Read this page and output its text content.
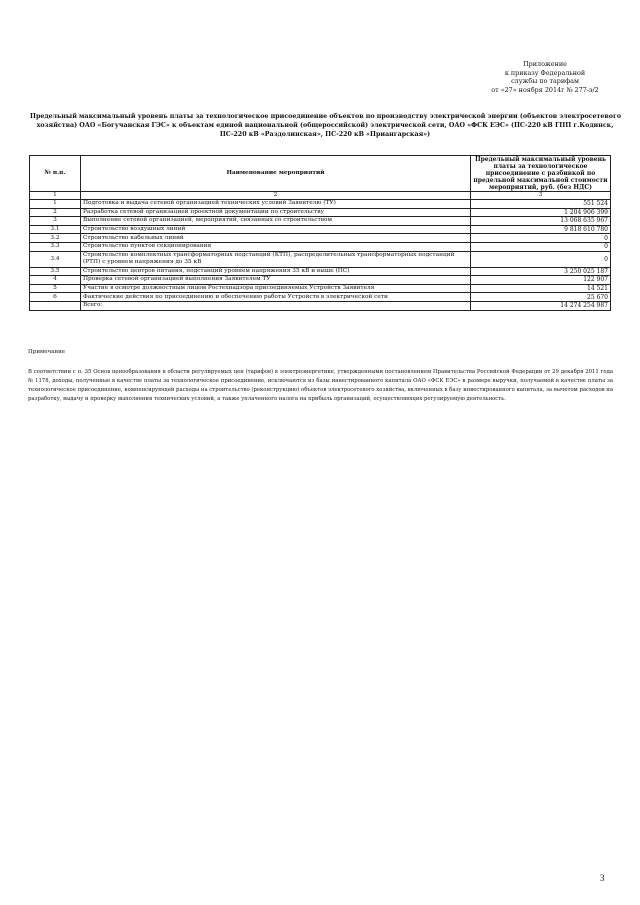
Приложение
к приказу Федеральной
службы по тарифам
от «27» ноября 2014г № 277-э/2
Предельный максимальный уровень платы за технологическое присоединение объектов по производству электрической энергии (объектов электросетевого
хозяйства) ОАО «Богучанская ГЭС» к объектам единой национальной (общероссийской) электрической сети, ОАО «ФСК ЕЭС» (ПС-220 кВ ГПП г.Кодинск,
ПС-220 кВ «Раздолинская», ПС-220 кВ «Приангарская»)
№ п.п.	Наименование мероприятий	Предельный максимальный уровень платы за технологическое присоединение с разбивкой по предельной максимальной стоимости мероприятий, руб. (без НДС)
1	2	3
1	Подготовка и выдача сетевой организацией технических условий Заявителю (ТУ)	551 524
2	Разработка сетевой организацией проектной документации по строительству	1 204 906 399
3	Выполнение сетевой организацией, мероприятий, связанных со строительством	13 068 635 967
3.1	Строительство воздушных линий	9 818 610 780
3.2	Строительство кабельных линий	0
3.3	Строительство пунктов секционирования	0
3.4	Строительство комплектных трансформаторных подстанций (КТП), распределительных трансформаторных подстанций (РТП) с уровнем напряжения до 35 кВ	0
3.5	Строительство центров питания, подстанций уровнем напряжения 35 кВ и выше (ПС)	3 250 025 187
4	Проверка сетевой организацией выполнения Заявителем ТУ	122 907
5	Участие в осмотре должностным лицом Ростехнадзора присоединяемых Устройств Заявителя	14 521
6	Фактические действия по присоединению и обеспечению работы Устройств в электрической сети	25 670
	Всего:	14 274 254 987
Примечание
В соответствии с п. 35 Основ ценообразования в области регулируемых цен (тарифов) в электроэнергетике, утвержденными постановлением Правительства Российской Федерации от 29 декабря 2011 года № 1178, доходы, полученные в качестве платы за технологическое присоединение, исключаются из базы инвестированного капитала ОАО «ФСК ЕЭС» в размере выручки, получаемой в качестве платы за технологическое присоединение, компенсирующей расходы на строительство (реконструкцию) объектов электросетевого хозяйства, включенных в базу инвестированного капитала, за вычетом расходов на разработку, выдачу и проверку выполнения технических условий, а также уплаченного налога на прибыль организаций, осуществляющих регулируемую деятельность.
3
